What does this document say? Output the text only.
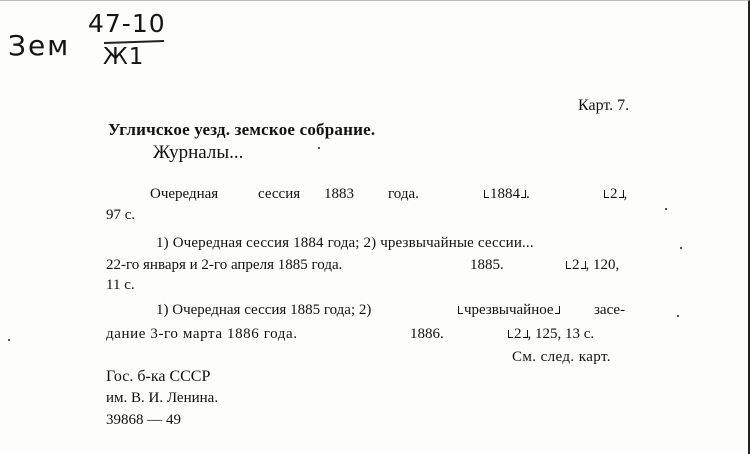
Зем
47-10
Ж1
Карт. 7.
Угличское уезд. земское собрание.
Журналы...
Очередная	сессия 1883 года.	1884 .	2 ,
97 с.
1) Очередная сессия 1884 года; 2) чрезвычайные сессии...
22-го января и 2-го апреля 1885 года.	1885.	2 , 120,
11 с.
1) Очередная сессия 1885 года; 2)	чрезвычайное	засе-
дание 3-го марта 1886 года.	1886.	2 , 125, 13 с.
См. след. карт.
Гос. б-ка СССР
им. В. И. Ленина.
39868 — 49
